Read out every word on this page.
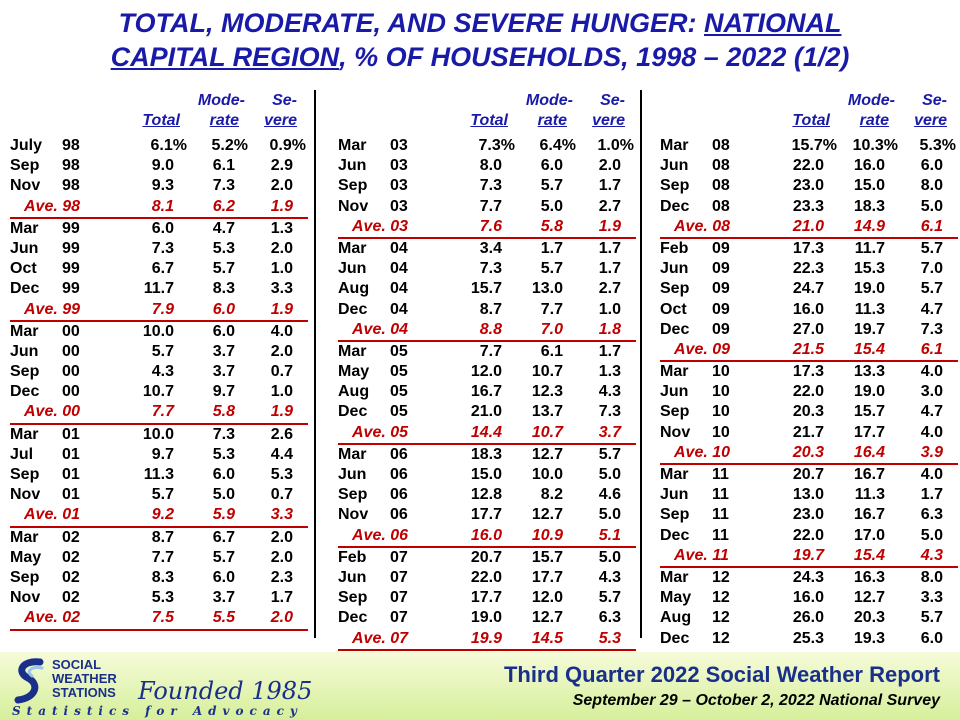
TOTAL, MODERATE, AND SEVERE HUNGER: NATIONAL
CAPITAL REGION, % OF HOUSEHOLDS, 1998 – 2022 (1/2)
Mode- Se-
Total rate vere
July 98	6.1% 5.2% 0.9%
Sep 98	9.0 6.1 2.9
Nov 98	9.3 7.3 2.0
Ave. 98	8.1 6.2 1.9
Mar 99	6.0 4.7 1.3
Jun 99	7.3 5.3 2.0
Oct 99	6.7 5.7 1.0
Dec 99	11.7 8.3 3.3
Ave. 99	7.9 6.0 1.9
Mar 00	10.0 6.0 4.0
Jun 00	5.7 3.7 2.0
Sep 00	4.3 3.7 0.7
Dec 00	10.7 9.7 1.0
Ave. 00	7.7 5.8 1.9
Mar 01	10.0 7.3 2.6
Jul 01	9.7 5.3 4.4
Sep 01	11.3 6.0 5.3
Nov 01	5.7 5.0 0.7
Ave. 01	9.2 5.9 3.3
Mar 02	8.7 6.7 2.0
May 02	7.7 5.7 2.0
Sep 02	8.3 6.0 2.3
Nov 02	5.3 3.7 1.7
Ave. 02	7.5 5.5 2.0
Mode- Se-
Total rate vere
Mar 03	7.3% 6.4% 1.0%
Jun 03	8.0 6.0 2.0
Sep 03	7.3 5.7 1.7
Nov 03	7.7 5.0 2.7
Ave. 03	7.6 5.8 1.9
Mar 04	3.4 1.7 1.7
Jun 04	7.3 5.7 1.7
Aug 04	15.7 13.0 2.7
Dec 04	8.7 7.7 1.0
Ave. 04	8.8 7.0 1.8
Mar 05	7.7 6.1 1.7
May 05	12.0 10.7 1.3
Aug 05	16.7 12.3 4.3
Dec 05	21.0 13.7 7.3
Ave. 05	14.4 10.7 3.7
Mar 06	18.3 12.7 5.7
Jun 06	15.0 10.0 5.0
Sep 06	12.8 8.2 4.6
Nov 06	17.7 12.7 5.0
Ave. 06	16.0 10.9 5.1
Feb 07	20.7 15.7 5.0
Jun 07	22.0 17.7 4.3
Sep 07	17.7 12.0 5.7
Dec 07	19.0 12.7 6.3
Ave. 07	19.9 14.5 5.3
Mode- Se-
Total rate vere
Mar 08	15.7% 10.3% 5.3%
Jun 08	22.0 16.0 6.0
Sep 08	23.0 15.0 8.0
Dec 08	23.3 18.3 5.0
Ave. 08	21.0 14.9 6.1
Feb 09	17.3 11.7 5.7
Jun 09	22.3 15.3 7.0
Sep 09	24.7 19.0 5.7
Oct 09	16.0 11.3 4.7
Dec 09	27.0 19.7 7.3
Ave. 09	21.5 15.4 6.1
Mar 10	17.3 13.3 4.0
Jun 10	22.0 19.0 3.0
Sep 10	20.3 15.7 4.7
Nov 10	21.7 17.7 4.0
Ave. 10	20.3 16.4 3.9
Mar 11	20.7 16.7 4.0
Jun 11	13.0 11.3 1.7
Sep 11	23.0 16.7 6.3
Dec 11	22.0 17.0 5.0
Ave. 11	19.7 15.4 4.3
Mar 12	24.3 16.3 8.0
May 12	16.0 12.7 3.3
Aug 12	26.0 20.3 5.7
Dec 12	25.3 19.3 6.0
SOCIAL
WEATHER
STATIONS Founded 1985
Statistics for Advocacy
Third Quarter 2022 Social Weather Report
September 29 – October 2, 2022 National Survey
